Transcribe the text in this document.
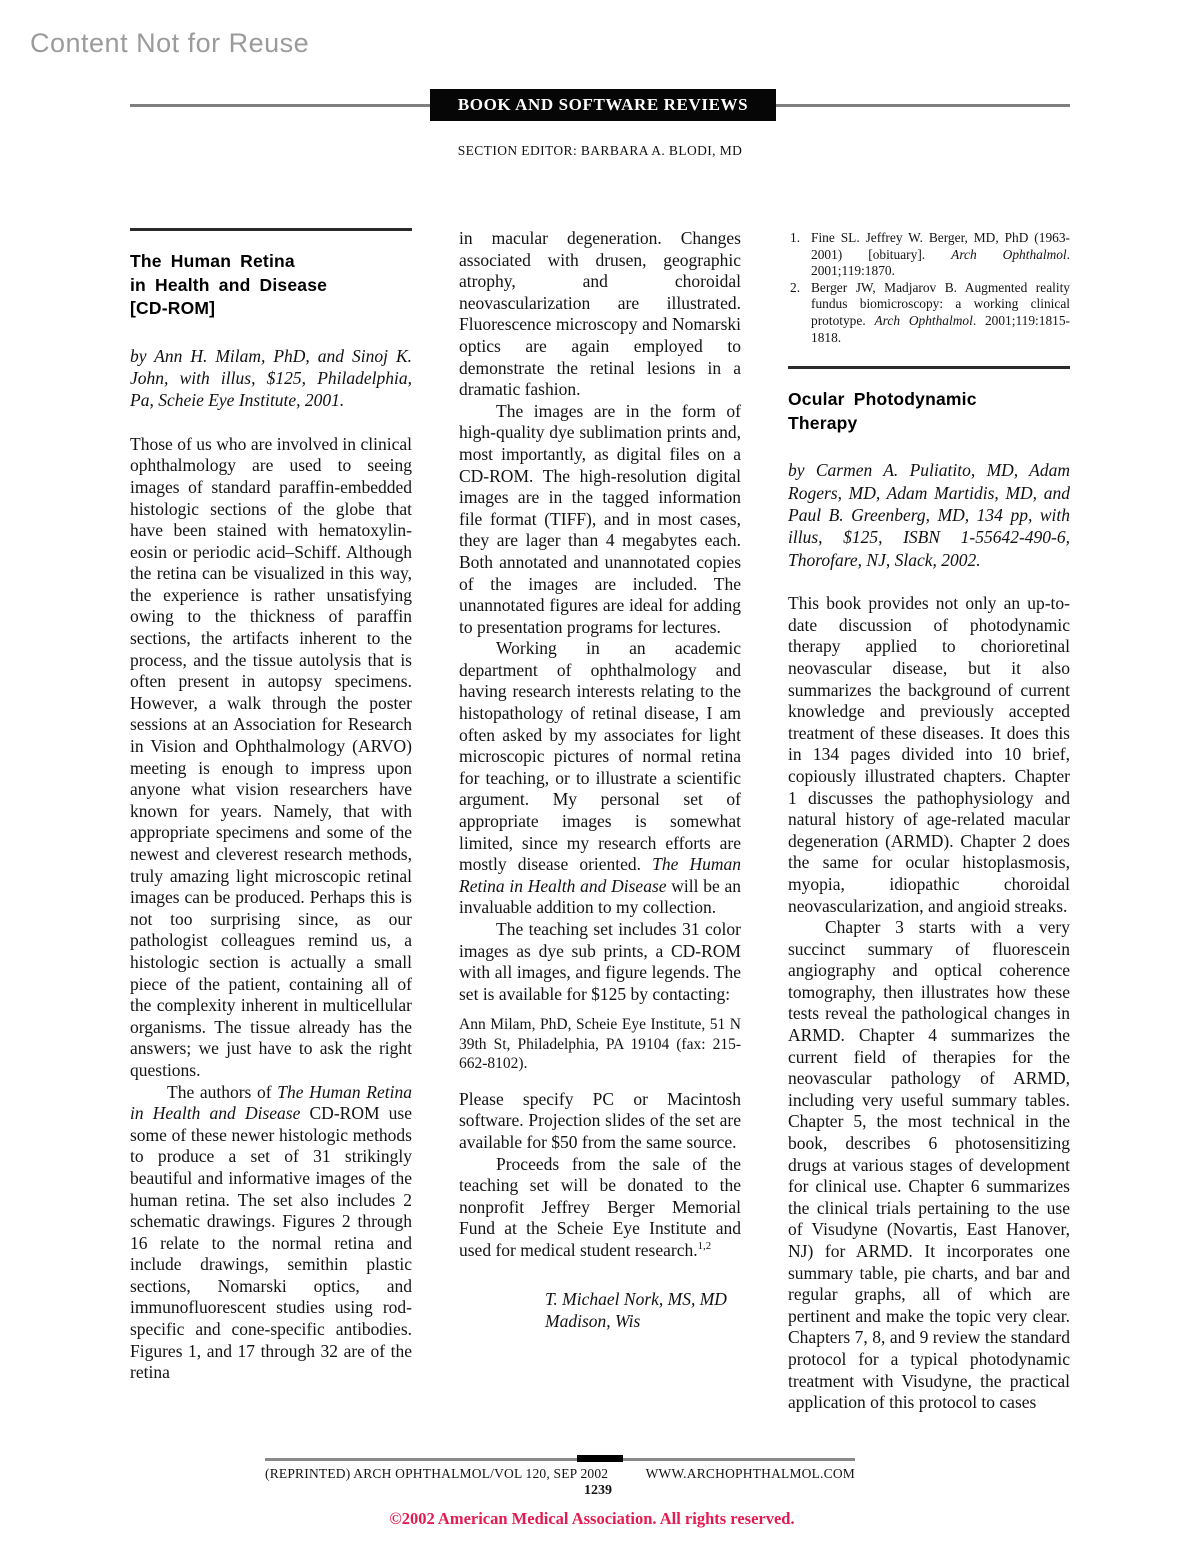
Content Not for Reuse
BOOK AND SOFTWARE REVIEWS
SECTION EDITOR: BARBARA A. BLODI, MD
The Human Retina
in Health and Disease
[CD-ROM]

by Ann H. Milam, PhD, and Sinoj K. John, with illus, $125, Philadelphia, Pa, Scheie Eye Institute, 2001.

Those of us who are involved in clinical ophthalmology are used to seeing images of standard paraffin-embedded histologic sections of the globe that have been stained with hematoxylin-eosin or periodic acid–Schiff. Although the retina can be visualized in this way, the experience is rather unsatisfying owing to the thickness of paraffin sections, the artifacts inherent to the process, and the tissue autolysis that is often present in autopsy specimens. However, a walk through the poster sessions at an Association for Research in Vision and Ophthalmology (ARVO) meeting is enough to impress upon anyone what vision researchers have known for years. Namely, that with appropriate specimens and some of the newest and cleverest research methods, truly amazing light microscopic retinal images can be produced. Perhaps this is not too surprising since, as our pathologist colleagues remind us, a histologic section is actually a small piece of the patient, containing all of the complexity inherent in multicellular organisms. The tissue already has the answers; we just have to ask the right questions.

The authors of The Human Retina in Health and Disease CD-ROM use some of these newer histologic methods to produce a set of 31 strikingly beautiful and informative images of the human retina. The set also includes 2 schematic drawings. Figures 2 through 16 relate to the normal retina and include drawings, semithin plastic sections, Nomarski optics, and immunofluorescent studies using rod-specific and cone-specific antibodies. Figures 1, and 17 through 32 are of the retina

in macular degeneration. Changes associated with drusen, geographic atrophy, and choroidal neovascularization are illustrated. Fluorescence microscopy and Nomarski optics are again employed to demonstrate the retinal lesions in a dramatic fashion.

The images are in the form of high-quality dye sublimation prints and, most importantly, as digital files on a CD-ROM. The high-resolution digital images are in the tagged information file format (TIFF), and in most cases, they are lager than 4 megabytes each. Both annotated and unannotated copies of the images are included. The unannotated figures are ideal for adding to presentation programs for lectures.

Working in an academic department of ophthalmology and having research interests relating to the histopathology of retinal disease, I am often asked by my associates for light microscopic pictures of normal retina for teaching, or to illustrate a scientific argument. My personal set of appropriate images is somewhat limited, since my research efforts are mostly disease oriented. The Human Retina in Health and Disease will be an invaluable addition to my collection.

The teaching set includes 31 color images as dye sub prints, a CD-ROM with all images, and figure legends. The set is available for $125 by contacting:

Ann Milam, PhD, Scheie Eye Institute, 51 N 39th St, Philadelphia, PA 19104 (fax: 215-662-8102).

Please specify PC or Macintosh software. Projection slides of the set are available for $50 from the same source.

Proceeds from the sale of the teaching set will be donated to the nonprofit Jeffrey Berger Memorial Fund at the Scheie Eye Institute and used for medical student research.$^{1,2}$

T. Michael Nork, MS, MD
Madison, Wis

1. Fine SL. Jeffrey W. Berger, MD, PhD (1963-2001) [obituary]. Arch Ophthalmol. 2001;119:1870.

2. Berger JW, Madjarov B. Augmented reality fundus biomicroscopy: a working clinical prototype. Arch Ophthalmol. 2001;119:1815-1818.

Ocular Photodynamic
Therapy

by Carmen A. Puliatito, MD, Adam Rogers, MD, Adam Martidis, MD, and Paul B. Greenberg, MD, 134 pp, with illus, $125, ISBN 1-55642-490-6, Thorofare, NJ, Slack, 2002.

This book provides not only an up-to-date discussion of photodynamic therapy applied to chorioretinal neovascular disease, but it also summarizes the background of current knowledge and previously accepted treatment of these diseases. It does this in 134 pages divided into 10 brief, copiously illustrated chapters. Chapter 1 discusses the pathophysiology and natural history of age-related macular degeneration (ARMD). Chapter 2 does the same for ocular histoplasmosis, myopia, idiopathic choroidal neovascularization, and angioid streaks.

Chapter 3 starts with a very succinct summary of fluorescein angiography and optical coherence tomography, then illustrates how these tests reveal the pathological changes in ARMD. Chapter 4 summarizes the current field of therapies for the neovascular pathology of ARMD, including very useful summary tables. Chapter 5, the most technical in the book, describes 6 photosensitizing drugs at various stages of development for clinical use. Chapter 6 summarizes the clinical trials pertaining to the use of Visudyne (Novartis, East Hanover, NJ) for ARMD. It incorporates one summary table, pie charts, and bar and regular graphs, all of which are pertinent and make the topic very clear. Chapters 7, 8, and 9 review the standard protocol for a typical photodynamic treatment with Visudyne, the practical application of this protocol to cases

(REPRINTED) ARCH OPHTHALMOL/VOL 120, SEP 2002	WWW.ARCHOPHTHALMOL.COM
1239
©2002 American Medical Association. All rights reserved.
